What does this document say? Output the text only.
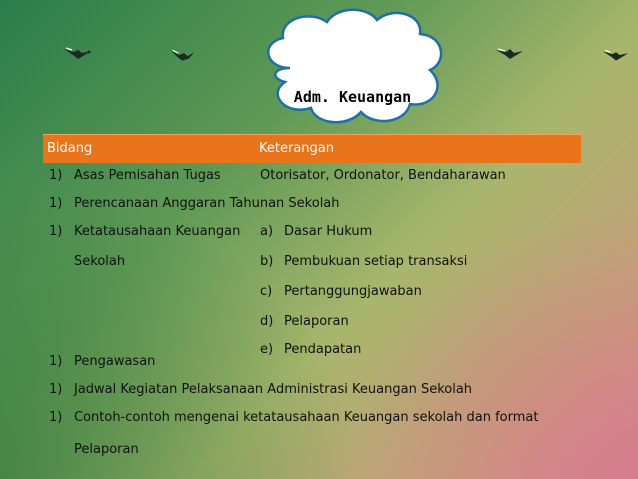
Adm. Keuangan
Bidang	Keterangan
1) Asas Pemisahan Tugas	Otorisator, Ordonator, Bendaharawan
1) Perencanaan Anggaran Tahunan Sekolah
1) Ketatausahaan Keuangan
Sekolah
a) Dasar Hukum
b) Pembukuan setiap transaksi
c) Pertanggungjawaban
d) Pelaporan
e) Pendapatan
1) Pengawasan
1) Jadwal Kegiatan Pelaksanaan Administrasi Keuangan Sekolah
1) Contoh-contoh mengenai ketatausahaan Keuangan sekolah dan format
Pelaporan
